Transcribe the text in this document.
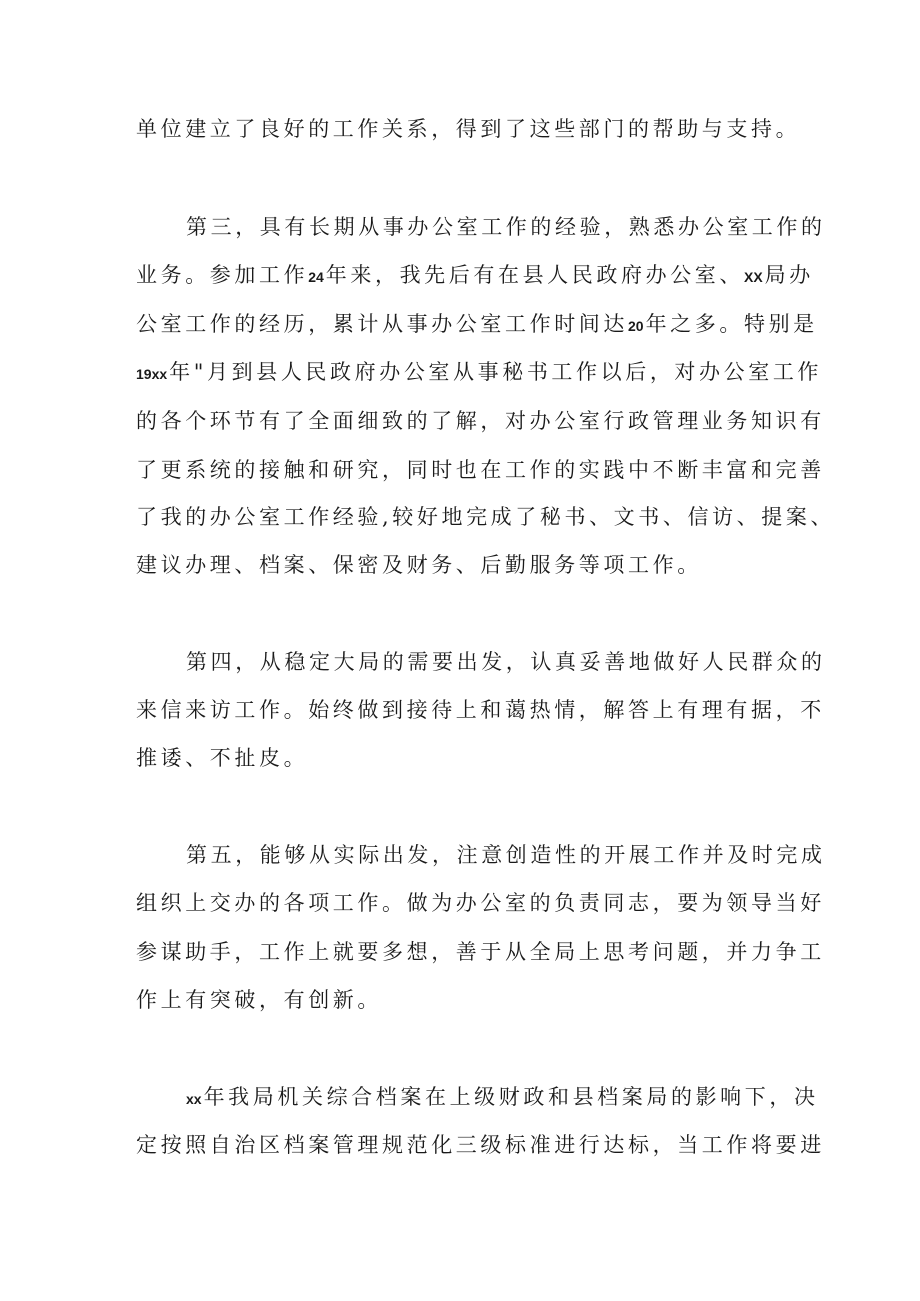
单位建立了良好的工作关系，得到了这些部门的帮助与支持。
第三，具有长期从事办公室工作的经验，熟悉办公室工作的
业务。参加工作24年来，我先后有在县人民政府办公室、XX局办
公室工作的经历，累计从事办公室工作时间达20年之多。特别是
19xx年"月到县人民政府办公室从事秘书工作以后，对办公室工作
的各个环节有了全面细致的了解，对办公室行政管理业务知识有
了更系统的接触和研究，同时也在工作的实践中不断丰富和完善
了我的办公室工作经验,较好地完成了秘书、文书、信访、提案、
建议办理、档案、保密及财务、后勤服务等项工作。
第四，从稳定大局的需要出发，认真妥善地做好人民群众的
来信来访工作。始终做到接待上和蔼热情，解答上有理有据，不
推诿、不扯皮。
第五，能够从实际出发，注意创造性的开展工作并及时完成
组织上交办的各项工作。做为办公室的负责同志，要为领导当好
参谋助手，工作上就要多想，善于从全局上思考问题，并力争工
作上有突破，有创新。
xx年我局机关综合档案在上级财政和县档案局的影响下，决
定按照自治区档案管理规范化三级标准进行达标，当工作将要进
